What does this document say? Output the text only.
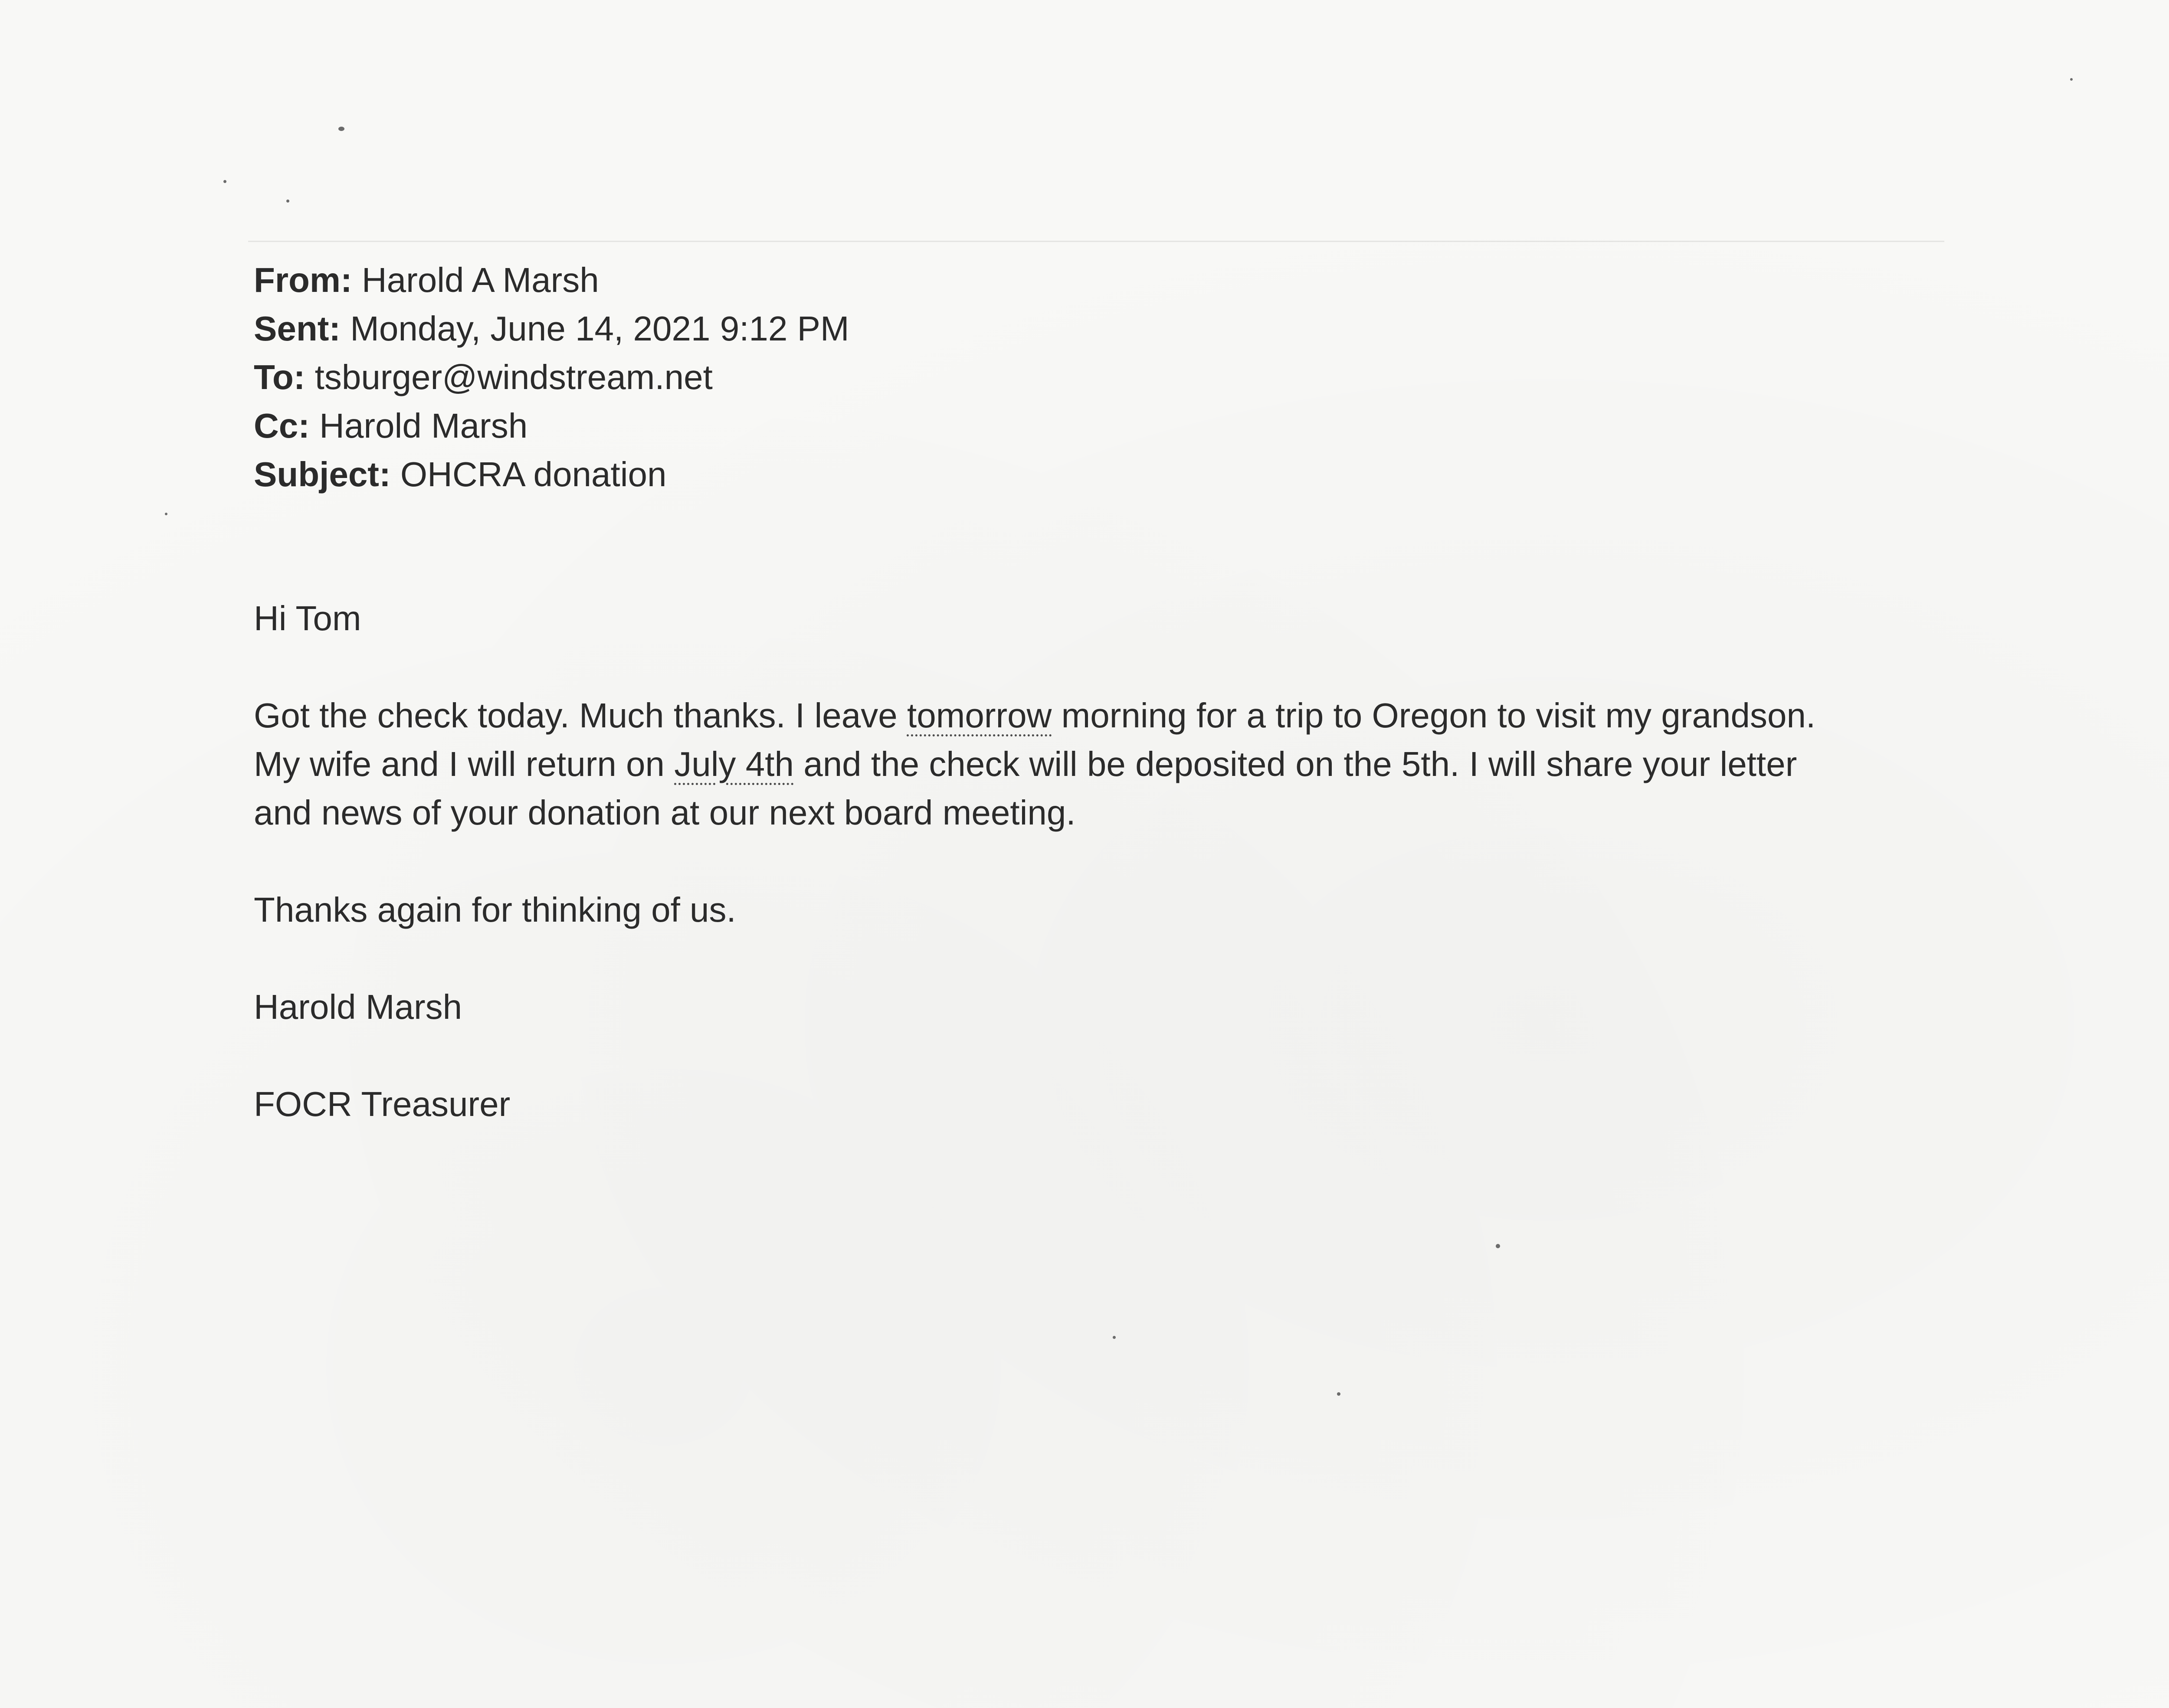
From: Harold A Marsh
Sent: Monday, June 14, 2021 9:12 PM
To: tsburger@windstream.net
Cc: Harold Marsh
Subject: OHCRA donation
Hi Tom
Got the check today. Much thanks. I leave tomorrow morning for a trip to Oregon to visit my grandson.
My wife and I will return on July 4th and the check will be deposited on the 5th. I will share your letter
and news of your donation at our next board meeting.
Thanks again for thinking of us.
Harold Marsh
FOCR Treasurer
